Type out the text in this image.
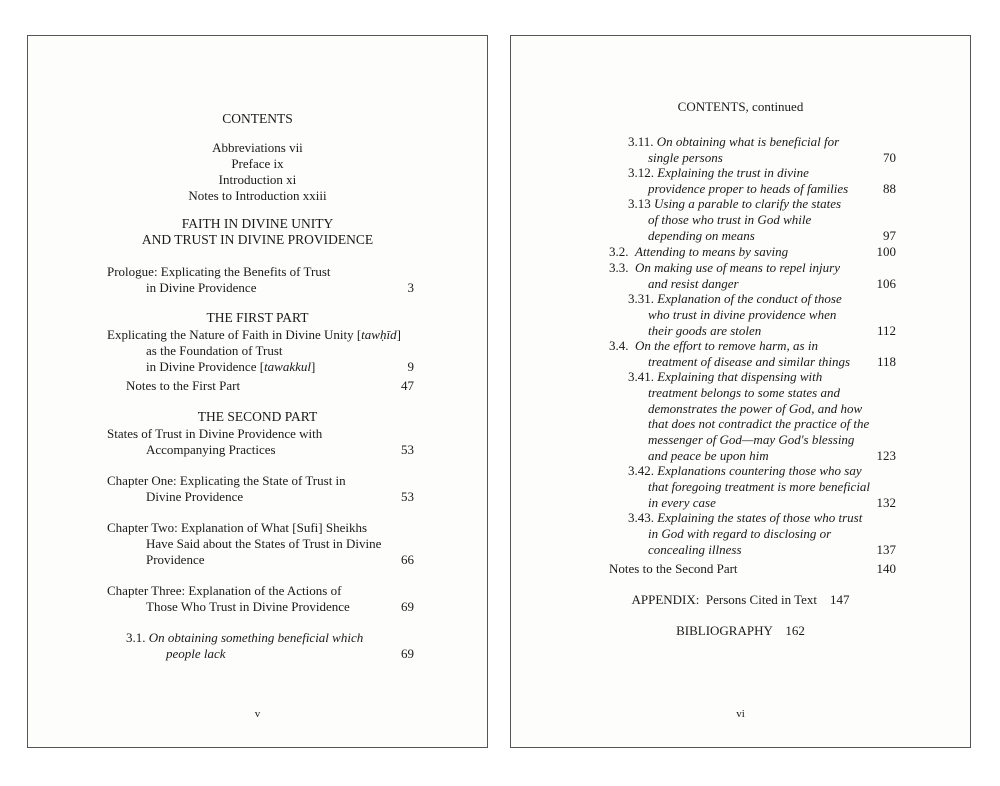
CONTENTS
Abbreviations vii
Preface ix
Introduction xi
Notes to Introduction xxiii
FAITH IN DIVINE UNITY
AND TRUST IN DIVINE PROVIDENCE
Prologue: Explicating the Benefits of Trust
in Divine Providence	3
THE FIRST PART
Explicating the Nature of Faith in Divine Unity [tawḥīd]
as the Foundation of Trust
in Divine Providence [tawakkul]	9
Notes to the First Part	47
THE SECOND PART
States of Trust in Divine Providence with
Accompanying Practices	53
Chapter One: Explicating the State of Trust in
Divine Providence	53
Chapter Two: Explanation of What [Sufi] Sheikhs
Have Said about the States of Trust in Divine
Providence	66
Chapter Three: Explanation of the Actions of
Those Who Trust in Divine Providence	69
3.1. On obtaining something beneficial which
people lack	69
v
CONTENTS, continued
3.11. On obtaining what is beneficial for
single persons	70
3.12. Explaining the trust in divine
providence proper to heads of families	88
3.13 Using a parable to clarify the states
of those who trust in God while
depending on means	97
3.2. Attending to means by saving	100
3.3. On making use of means to repel injury
and resist danger	106
3.31. Explanation of the conduct of those
who trust in divine providence when
their goods are stolen	112
3.4. On the effort to remove harm, as in
treatment of disease and similar things	118
3.41. Explaining that dispensing with
treatment belongs to some states and
demonstrates the power of God, and how
that does not contradict the practice of the
messenger of God—may God's blessing
and peace be upon him	123
3.42. Explanations countering those who say
that foregoing treatment is more beneficial
in every case	132
3.43. Explaining the states of those who trust
in God with regard to disclosing or
concealing illness	137
Notes to the Second Part	140
APPENDIX:  Persons Cited in Text    147
BIBLIOGRAPHY    162
vi
